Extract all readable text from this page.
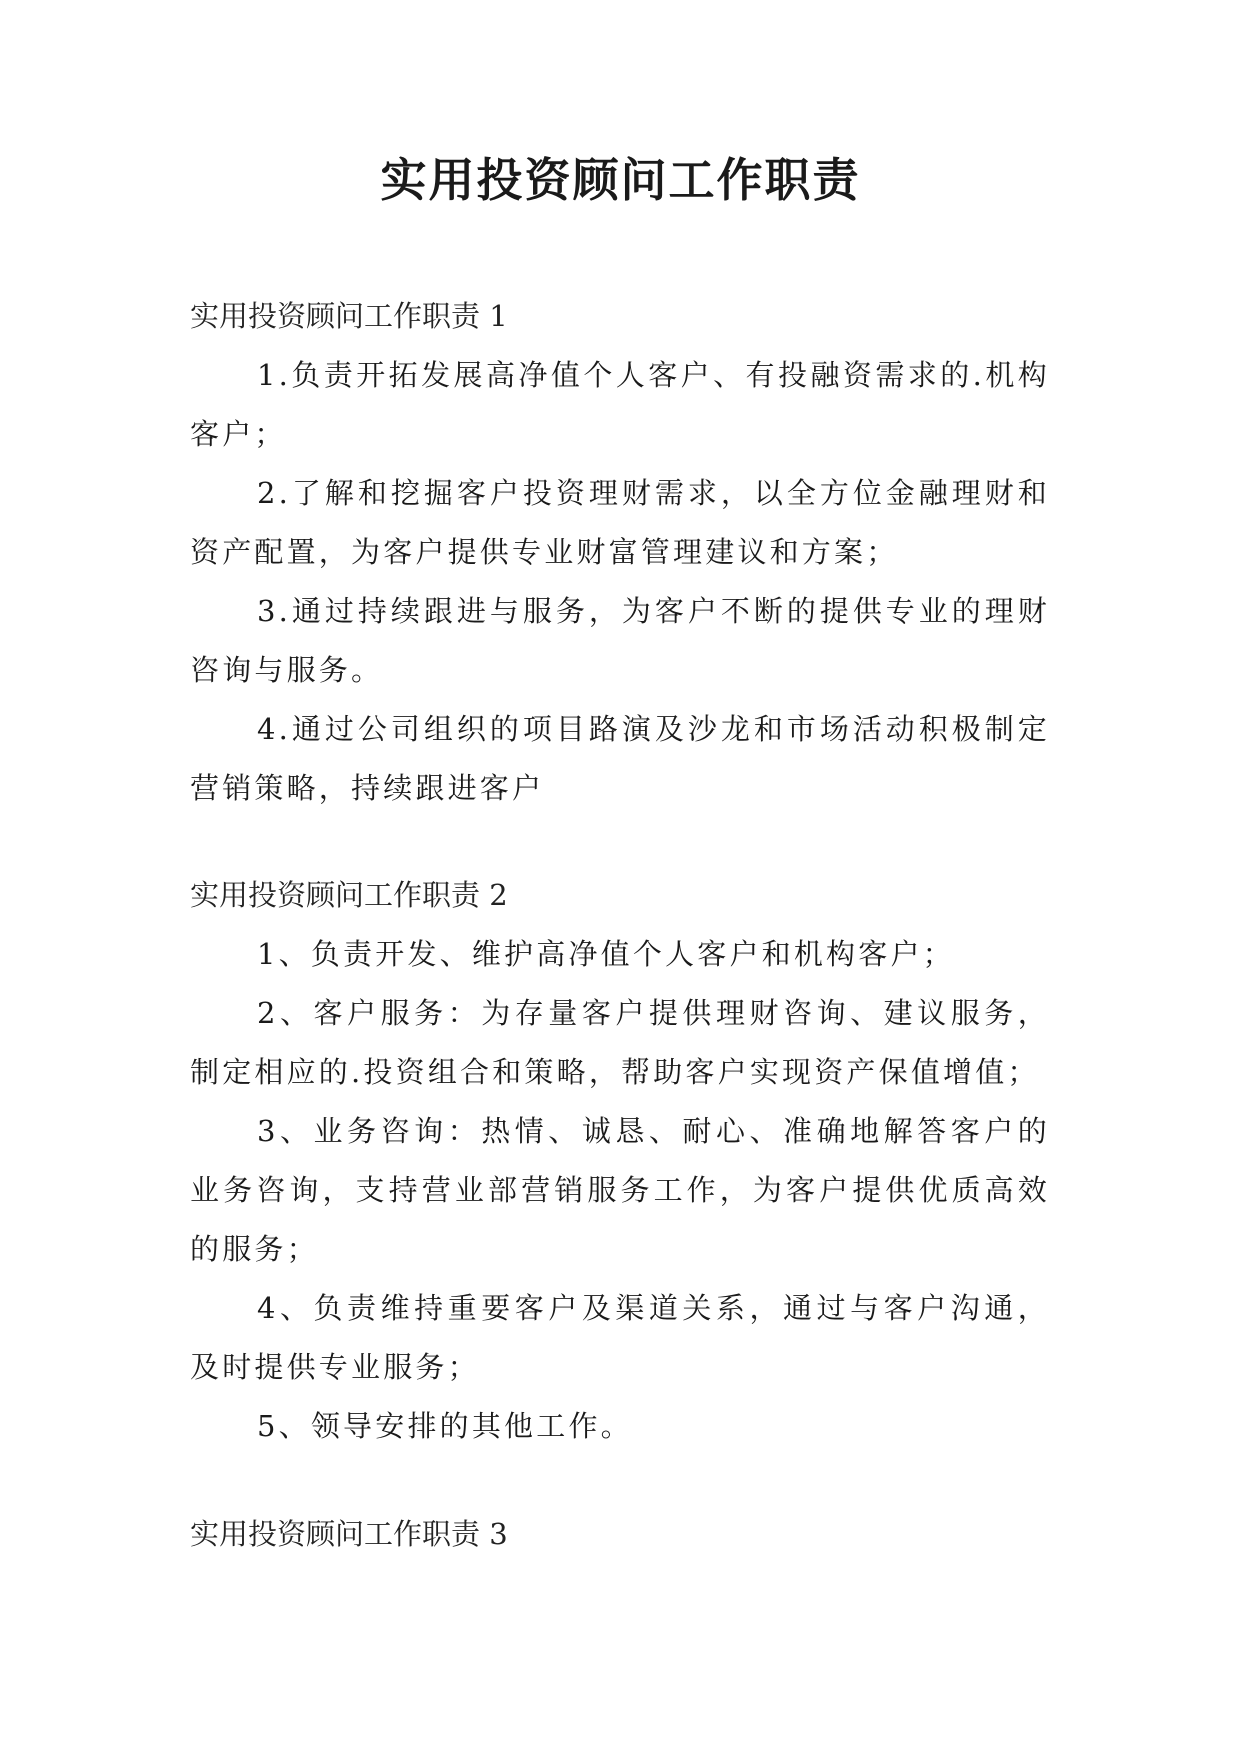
实用投资顾问工作职责

实用投资顾问工作职责 1

1.负责开拓发展高净值个人客户、有投融资需求的.机构客户；

2.了解和挖掘客户投资理财需求，以全方位金融理财和资产配置，为客户提供专业财富管理建议和方案；

3.通过持续跟进与服务，为客户不断的提供专业的理财咨询与服务。

4.通过公司组织的项目路演及沙龙和市场活动积极制定营销策略，持续跟进客户

实用投资顾问工作职责 2

1、负责开发、维护高净值个人客户和机构客户；

2、客户服务：为存量客户提供理财咨询、建议服务，制定相应的.投资组合和策略，帮助客户实现资产保值增值；

3、业务咨询：热情、诚恳、耐心、准确地解答客户的业务咨询，支持营业部营销服务工作，为客户提供优质高效的服务；

4、负责维持重要客户及渠道关系，通过与客户沟通，及时提供专业服务；

5、领导安排的其他工作。

实用投资顾问工作职责 3
